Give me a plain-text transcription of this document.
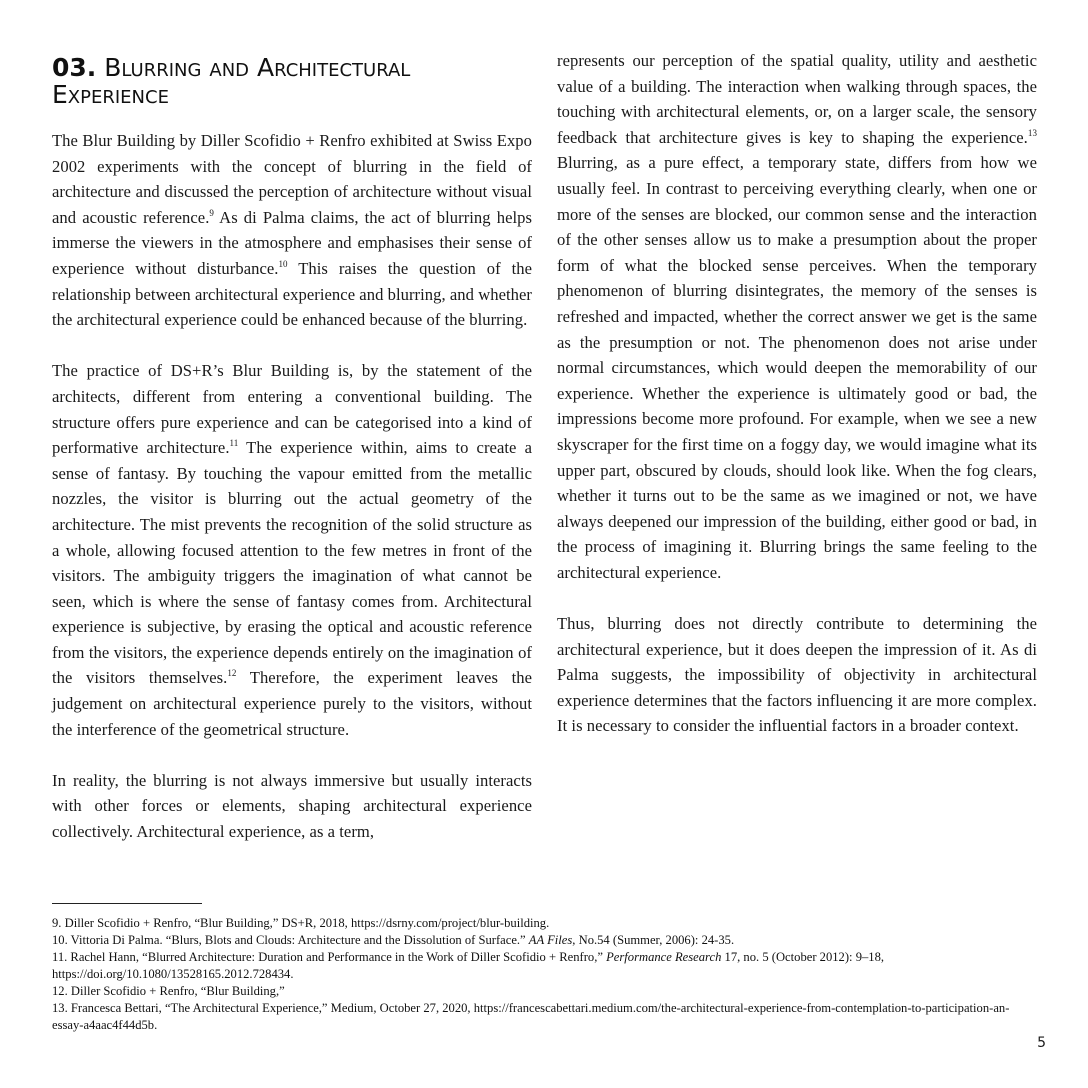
03. Blurring and Architectural Experience

The Blur Building by Diller Scofidio + Renfro exhibited at Swiss Expo 2002 experiments with the concept of blurring in the field of architecture and discussed the perception of architecture without visual and acoustic reference.$^9$ As di Palma claims, the act of blurring helps immerse the viewers in the atmosphere and emphasises their sense of experience without disturbance.$^{10}$ This raises the question of the relationship between architectural experience and blurring, and whether the architectural experience could be enhanced because of the blurring.

The practice of DS+R’s Blur Building is, by the statement of the architects, different from entering a conventional building. The structure offers pure experience and can be categorised into a kind of performative architecture.$^{11}$ The experience within, aims to create a sense of fantasy. By touching the vapour emitted from the metallic nozzles, the visitor is blurring out the actual geometry of the architecture. The mist prevents the recognition of the solid structure as a whole, allowing focused attention to the few metres in front of the visitors. The ambiguity triggers the imagination of what cannot be seen, which is where the sense of fantasy comes from. Architectural experience is subjective, by erasing the optical and acoustic reference from the visitors, the experience depends entirely on the imagination of the visitors themselves.$^{12}$ Therefore, the experiment leaves the judgement on architectural experience purely to the visitors, without the interference of the geometrical structure.

In reality, the blurring is not always immersive but usually interacts with other forces or elements, shaping architectural experience collectively. Architectural experience, as a term,

represents our perception of the spatial quality, utility and aesthetic value of a building. The interaction when walking through spaces, the touching with architectural elements, or, on a larger scale, the sensory feedback that architecture gives is key to shaping the experience.$^{13}$ Blurring, as a pure effect, a temporary state, differs from how we usually feel. In contrast to perceiving everything clearly, when one or more of the senses are blocked, our common sense and the interaction of the other senses allow us to make a presumption about the proper form of what the blocked sense perceives. When the temporary phenomenon of blurring disintegrates, the memory of the senses is refreshed and impacted, whether the correct answer we get is the same as the presumption or not. The phenomenon does not arise under normal circumstances, which would deepen the memorability of our experience. Whether the experience is ultimately good or bad, the impressions become more profound. For example, when we see a new skyscraper for the first time on a foggy day, we would imagine what its upper part, obscured by clouds, should look like. When the fog clears, whether it turns out to be the same as we imagined or not, we have always deepened our impression of the building, either good or bad, in the process of imagining it. Blurring brings the same feeling to the architectural experience.

Thus, blurring does not directly contribute to determining the architectural experience, but it does deepen the impression of it. As di Palma suggests, the impossibility of objectivity in architectural experience determines that the factors influencing it are more complex. It is necessary to consider the influential factors in a broader context.

9. Diller Scofidio + Renfro, “Blur Building,” DS+R, 2018, https://dsrny.com/project/blur-building.

10. Vittoria Di Palma. “Blurs, Blots and Clouds: Architecture and the Dissolution of Surface.” AA Files, No.54 (Summer, 2006): 24-35.

11. Rachel Hann, “Blurred Architecture: Duration and Performance in the Work of Diller Scofidio + Renfro,” Performance Research 17, no. 5 (October 2012): 9–18, https://doi.org/10.1080/13528165.2012.728434.

12. Diller Scofidio + Renfro, “Blur Building,”

13. Francesca Bettari, “The Architectural Experience,” Medium, October 27, 2020, https://francescabettari.medium.com/the-architectural-experience-from-contemplation-to-participation-an-essay-a4aac4f44d5b.

5
